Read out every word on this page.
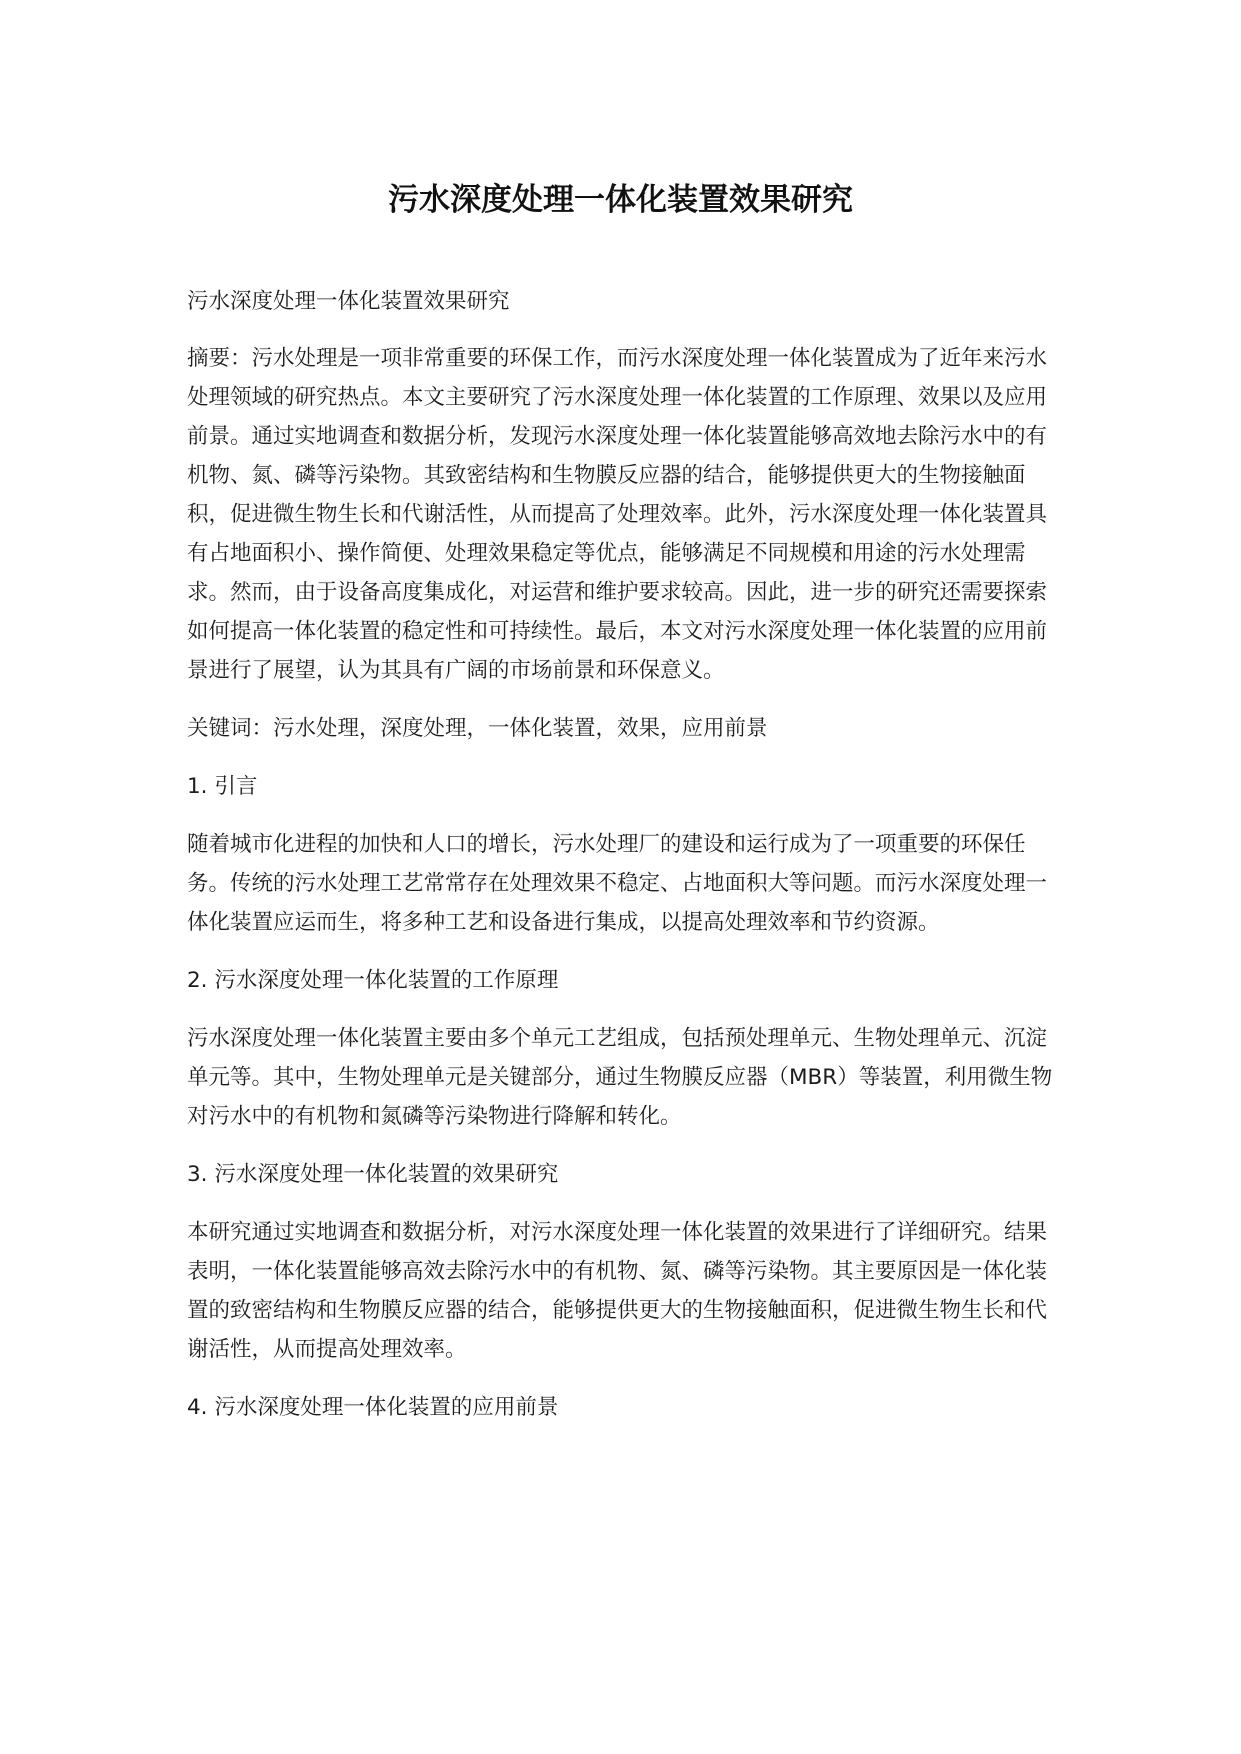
污水深度处理一体化装置效果研究

污水深度处理一体化装置效果研究

摘要：污水处理是一项非常重要的环保工作，而污水深度处理一体化装置成为了近年来污水处理领域的研究热点。本文主要研究了污水深度处理一体化装置的工作原理、效果以及应用前景。通过实地调查和数据分析，发现污水深度处理一体化装置能够高效地去除污水中的有机物、氮、磷等污染物。其致密结构和生物膜反应器的结合，能够提供更大的生物接触面积，促进微生物生长和代谢活性，从而提高了处理效率。此外，污水深度处理一体化装置具有占地面积小、操作简便、处理效果稳定等优点，能够满足不同规模和用途的污水处理需求。然而，由于设备高度集成化，对运营和维护要求较高。因此，进一步的研究还需要探索如何提高一体化装置的稳定性和可持续性。最后，本文对污水深度处理一体化装置的应用前景进行了展望，认为其具有广阔的市场前景和环保意义。

关键词：污水处理，深度处理，一体化装置，效果，应用前景

1. 引言

随着城市化进程的加快和人口的增长，污水处理厂的建设和运行成为了一项重要的环保任务。传统的污水处理工艺常常存在处理效果不稳定、占地面积大等问题。而污水深度处理一体化装置应运而生，将多种工艺和设备进行集成，以提高处理效率和节约资源。

2. 污水深度处理一体化装置的工作原理

污水深度处理一体化装置主要由多个单元工艺组成，包括预处理单元、生物处理单元、沉淀单元等。其中，生物处理单元是关键部分，通过生物膜反应器（MBR）等装置，利用微生物对污水中的有机物和氮磷等污染物进行降解和转化。

3. 污水深度处理一体化装置的效果研究

本研究通过实地调查和数据分析，对污水深度处理一体化装置的效果进行了详细研究。结果表明，一体化装置能够高效去除污水中的有机物、氮、磷等污染物。其主要原因是一体化装置的致密结构和生物膜反应器的结合，能够提供更大的生物接触面积，促进微生物生长和代谢活性，从而提高处理效率。

4. 污水深度处理一体化装置的应用前景
